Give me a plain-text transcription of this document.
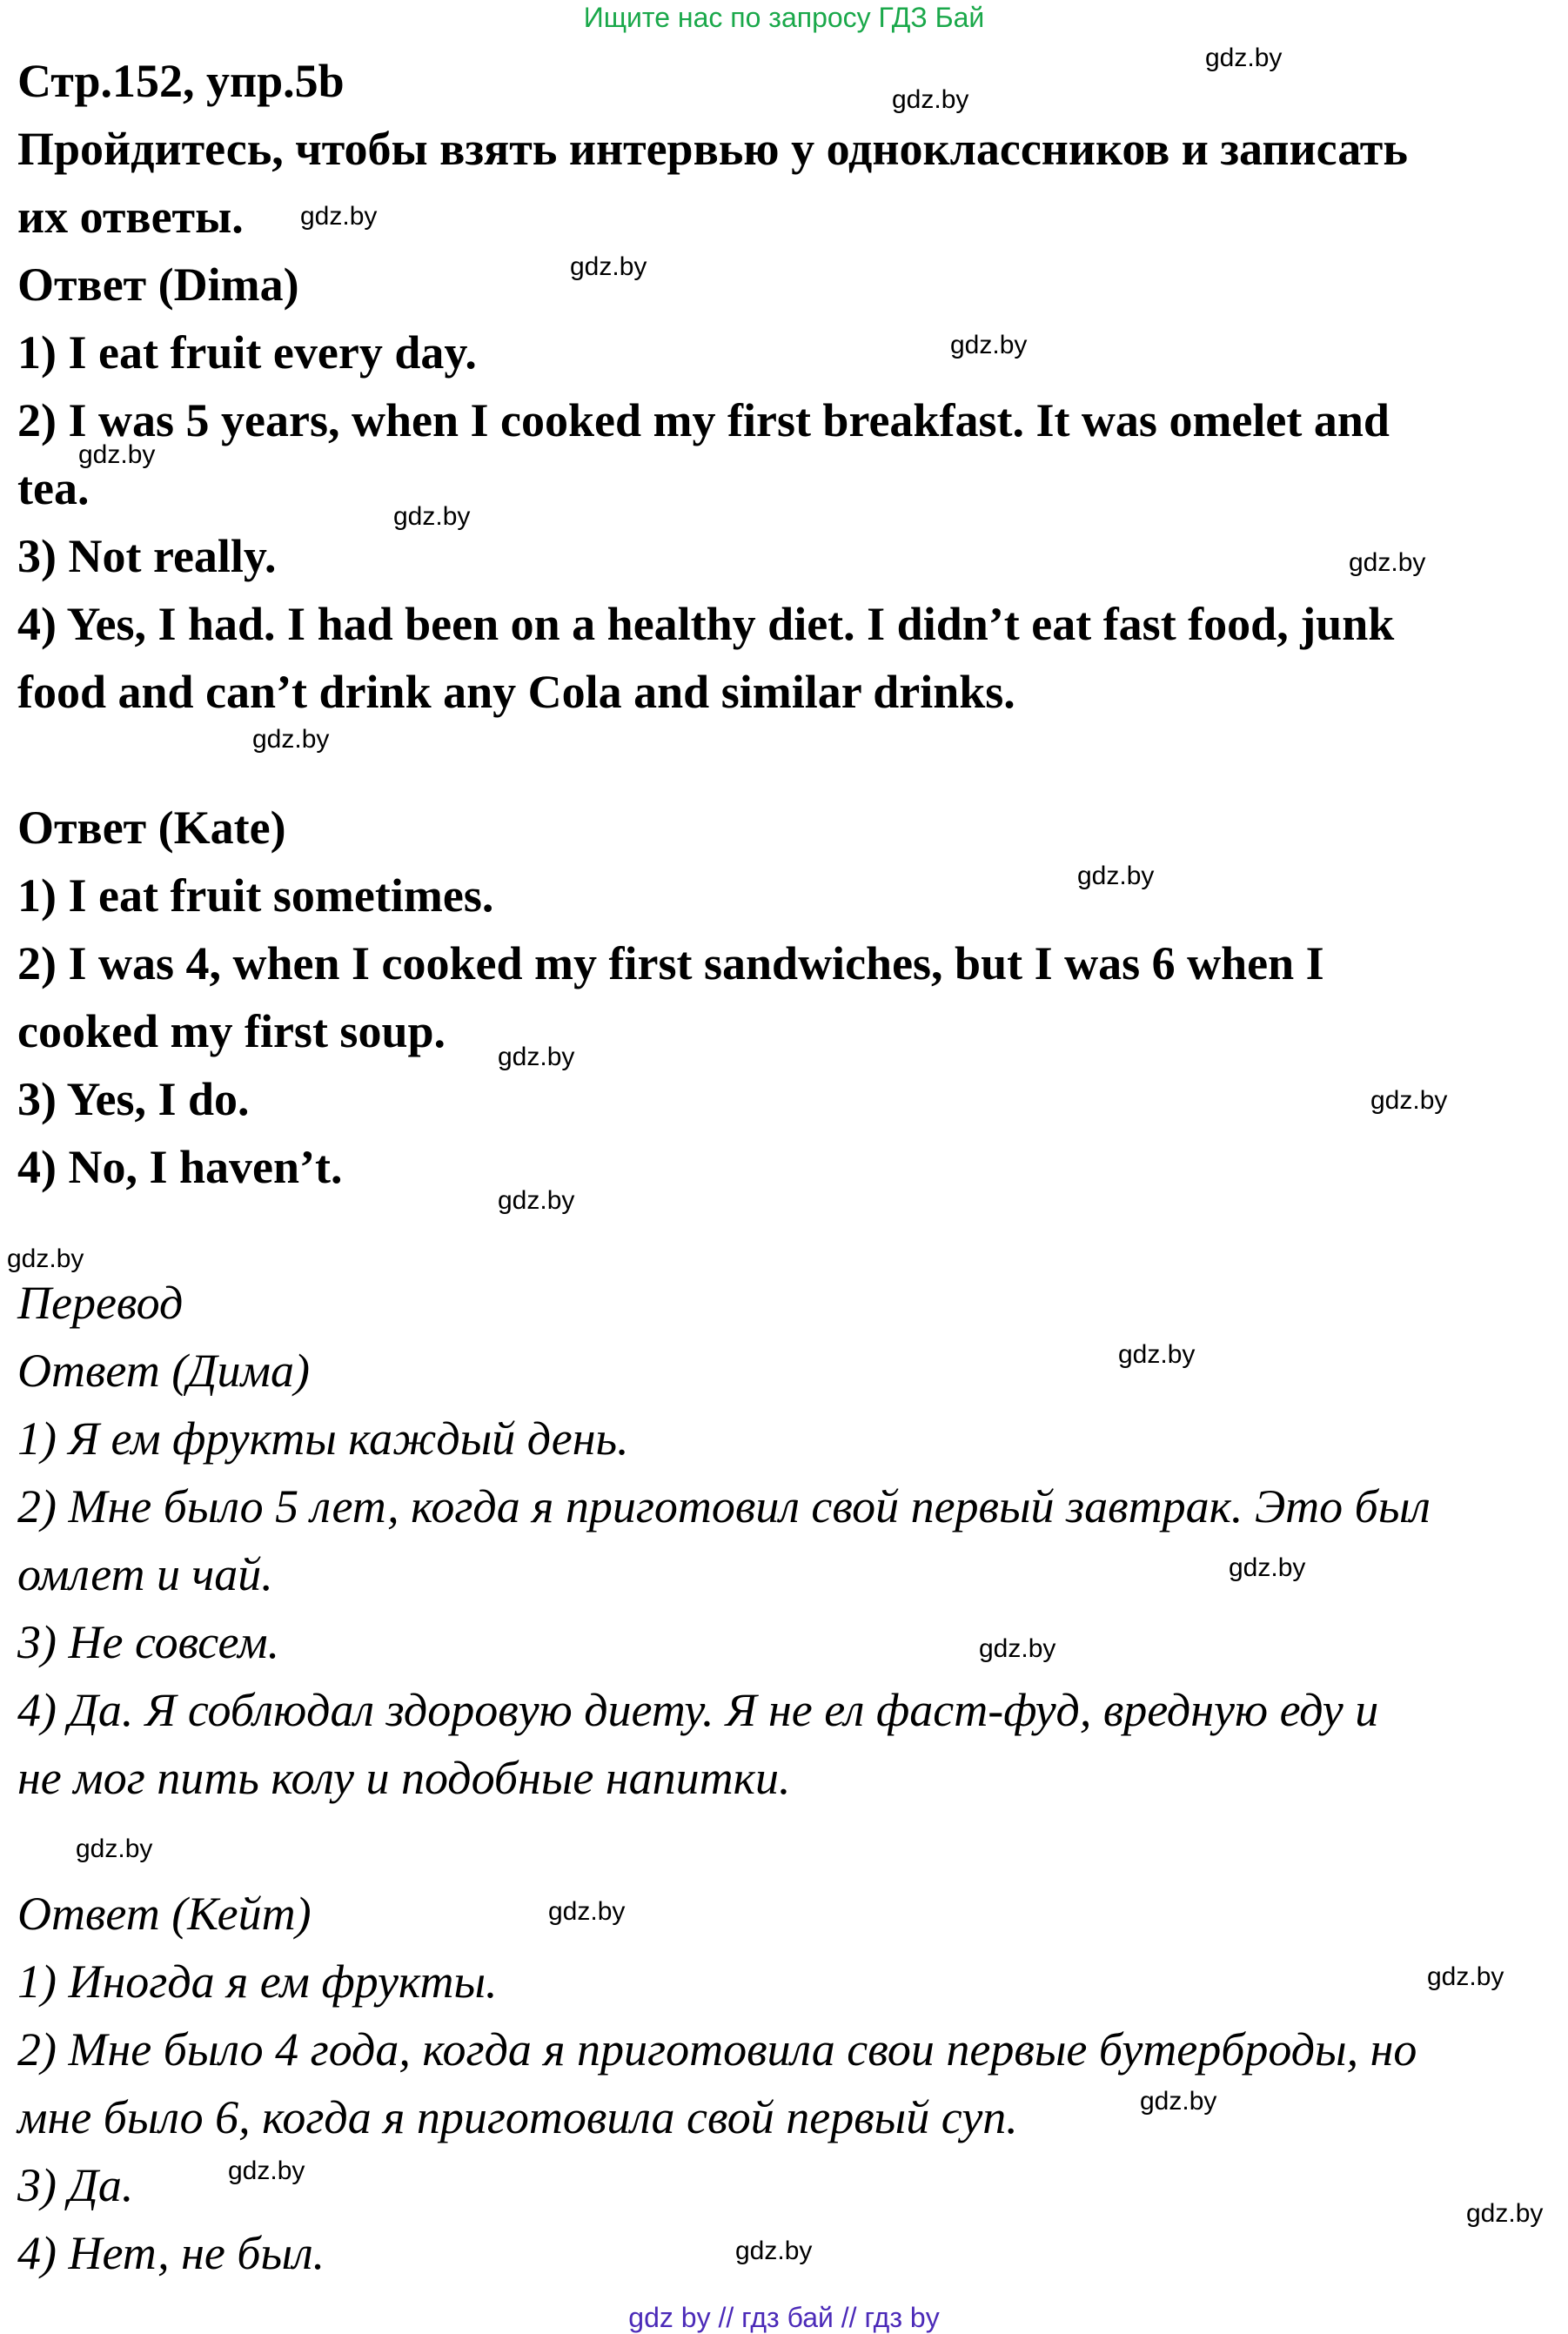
Ищите нас по запросу ГДЗ Бай
Стр.152, упр.5b
Пройдитесь, чтобы взять интервью у одноклассников и записать
их ответы.
Ответ (Dima)
1) I eat fruit every day.
2) I was 5 years, when I cooked my first breakfast. It was omelet and
tea.
3) Not really.
4) Yes, I had. I had been on a healthy diet. I didn’t eat fast food, junk
food and can’t drink any Cola and similar drinks.
Ответ (Kate)
1) I eat fruit sometimes.
2) I was 4, when I cooked my first sandwiches, but I was 6 when I
cooked my first soup.
3) Yes, I do.
4) No, I haven’t.
Перевод
Ответ (Дима)
1) Я ем фрукты каждый день.
2) Мне было 5 лет, когда я приготовил свой первый завтрак. Это был
омлет и чай.
3) Не совсем.
4) Да. Я соблюдал здоровую диету. Я не ел фаст-фуд, вредную еду и
не мог пить колу и подобные напитки.
Ответ (Кейт)
1) Иногда я ем фрукты.
2) Мне было 4 года, когда я приготовила свои первые бутерброды, но
мне было 6, когда я приготовила свой первый суп.
3) Да.
4) Нет, не был.
gdz.by
gdz.by
gdz.by
gdz.by
gdz.by
gdz.by
gdz.by
gdz.by
gdz.by
gdz.by
gdz.by
gdz.by
gdz.by
gdz.by
gdz.by
gdz.by
gdz.by
gdz.by
gdz.by
gdz.by
gdz.by
gdz.by
gdz.by
gdz.by
gdz by // гдз бай // гдз by
